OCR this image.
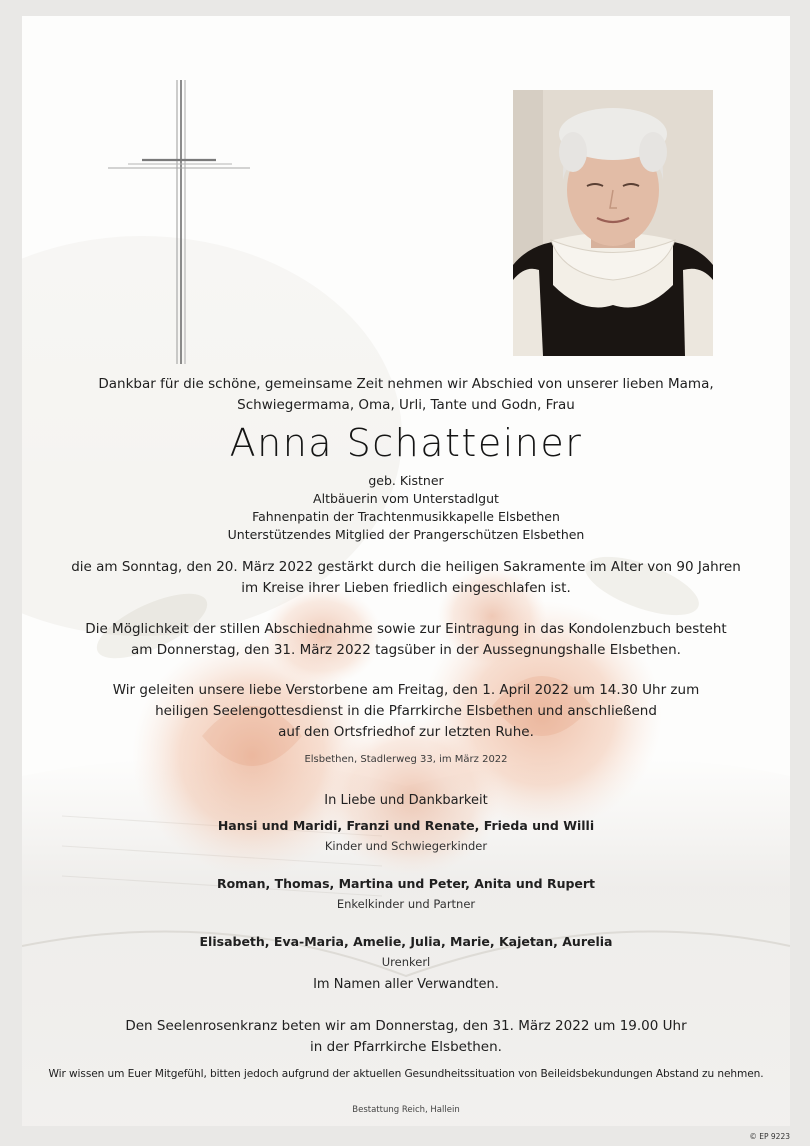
Dankbar für die schöne, gemeinsame Zeit nehmen wir Abschied von unserer lieben Mama,

Schwiegermama, Oma, Urli, Tante und Godn, Frau

Anna Schatteiner

geb. Kistner

Altbäuerin vom Unterstadlgut

Fahnenpatin der Trachtenmusikkapelle Elsbethen

Unterstützendes Mitglied der Prangerschützen Elsbethen

die am Sonntag, den 20. März 2022 gestärkt durch die heiligen Sakramente im Alter von 90 Jahren

im Kreise ihrer Lieben friedlich eingeschlafen ist.

Die Möglichkeit der stillen Abschiednahme sowie zur Eintragung in das Kondolenzbuch besteht

am Donnerstag, den 31. März 2022 tagsüber in der Aussegnungshalle Elsbethen.

Wir geleiten unsere liebe Verstorbene am Freitag, den 1. April 2022 um 14.30 Uhr zum

heiligen Seelengottesdienst in die Pfarrkirche Elsbethen und anschließend

auf den Ortsfriedhof zur letzten Ruhe.

Elsbethen, Stadlerweg 33, im März 2022

In Liebe und Dankbarkeit

Hansi und Maridi, Franzi und Renate, Frieda und Willi

Kinder und Schwiegerkinder

Roman, Thomas, Martina und Peter, Anita und Rupert

Enkelkinder und Partner

Elisabeth, Eva-Maria, Amelie, Julia, Marie, Kajetan, Aurelia

Urenkerl

Im Namen aller Verwandten.

Den Seelenrosenkranz beten wir am Donnerstag, den 31. März 2022 um 19.00 Uhr

in der Pfarrkirche Elsbethen.

Wir wissen um Euer Mitgefühl, bitten jedoch aufgrund der aktuellen Gesundheitssituation von Beileidsbekundungen Abstand zu nehmen.

Bestattung Reich, Hallein

© EP 9223
